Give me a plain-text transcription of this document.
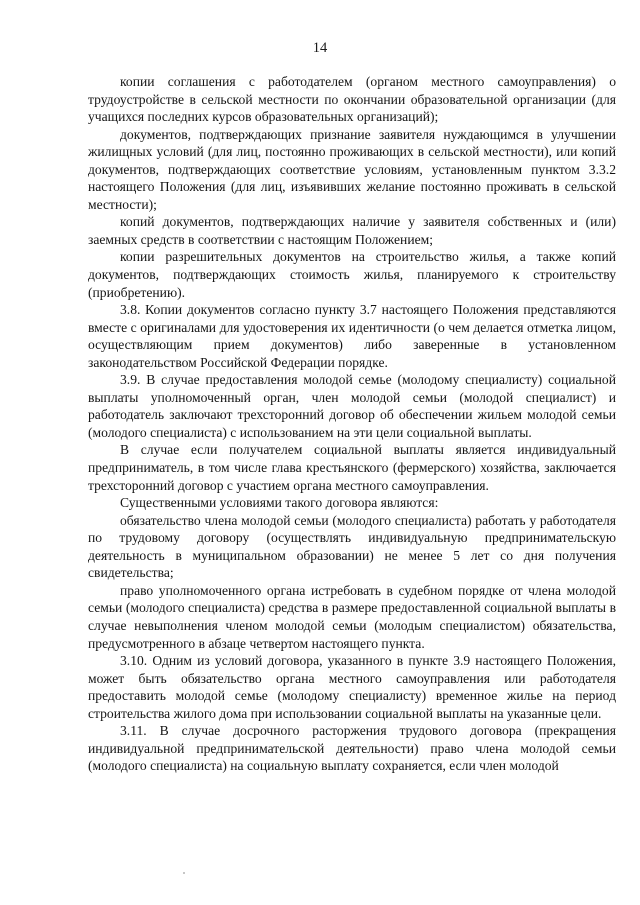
14

копии соглашения с работодателем (органом местного самоуправления) о трудоустройстве в сельской местности по окончании образовательной организации (для учащихся последних курсов образовательных организаций);

документов, подтверждающих признание заявителя нуждающимся в улучшении жилищных условий (для лиц, постоянно проживающих в сельской местности), или копий документов, подтверждающих соответствие условиям, установленным пунктом 3.3.2 настоящего Положения (для лиц, изъявивших желание постоянно проживать в сельской местности);

копий документов, подтверждающих наличие у заявителя собственных и (или) заемных средств в соответствии с настоящим Положением;

копии разрешительных документов на строительство жилья, а также копий документов, подтверждающих стоимость жилья, планируемого к строительству (приобретению).

3.8. Копии документов согласно пункту 3.7 настоящего Положения представляются вместе с оригиналами для удостоверения их идентичности (о чем делается отметка лицом, осуществляющим прием документов) либо заверенные в установленном законодательством Российской Федерации порядке.

3.9. В случае предоставления молодой семье (молодому специалисту) социальной выплаты уполномоченный орган, член молодой семьи (молодой специалист) и работодатель заключают трехсторонний договор об обеспечении жильем молодой семьи (молодого специалиста) с использованием на эти цели социальной выплаты.

В случае если получателем социальной выплаты является индивидуальный предприниматель, в том числе глава крестьянского (фермерского) хозяйства, заключается трехсторонний договор с участием органа местного самоуправления.

Существенными условиями такого договора являются:

обязательство члена молодой семьи (молодого специалиста) работать у работодателя по трудовому договору (осуществлять индивидуальную предпринимательскую деятельность в муниципальном образовании) не менее 5 лет со дня получения свидетельства;

право уполномоченного органа истребовать в судебном порядке от члена молодой семьи (молодого специалиста) средства в размере предоставленной социальной выплаты в случае невыполнения членом молодой семьи (молодым специалистом) обязательства, предусмотренного в абзаце четвертом настоящего пункта.

3.10. Одним из условий договора, указанного в пункте 3.9 настоящего Положения, может быть обязательство органа местного самоуправления или работодателя предоставить молодой семье (молодому специалисту) временное жилье на период строительства жилого дома при использовании социальной выплаты на указанные цели.

3.11. В случае досрочного расторжения трудового договора (прекращения индивидуальной предпринимательской деятельности) право члена молодой семьи (молодого специалиста) на социальную выплату сохраняется, если член молодой
